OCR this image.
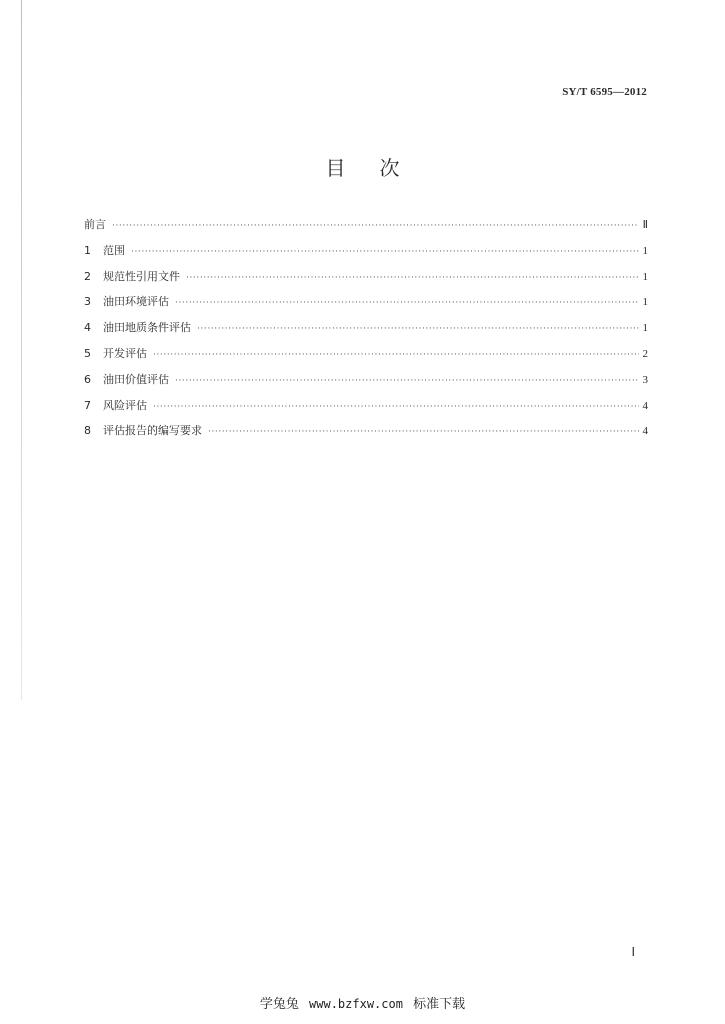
SY/T 6595—2012
目 次
前言 ·····	Ⅱ
1	范围 ·····	1
2	规范性引用文件 ·····	1
3	油田环境评估 ·····	1
4	油田地质条件评估 ·····	1
5	开发评估 ·····	2
6	油田价值评估 ·····	3
7	风险评估 ·····	4
8	评估报告的编写要求 ·····	4
Ⅰ
学兔兔 www.bzfxw.com 标准下载
